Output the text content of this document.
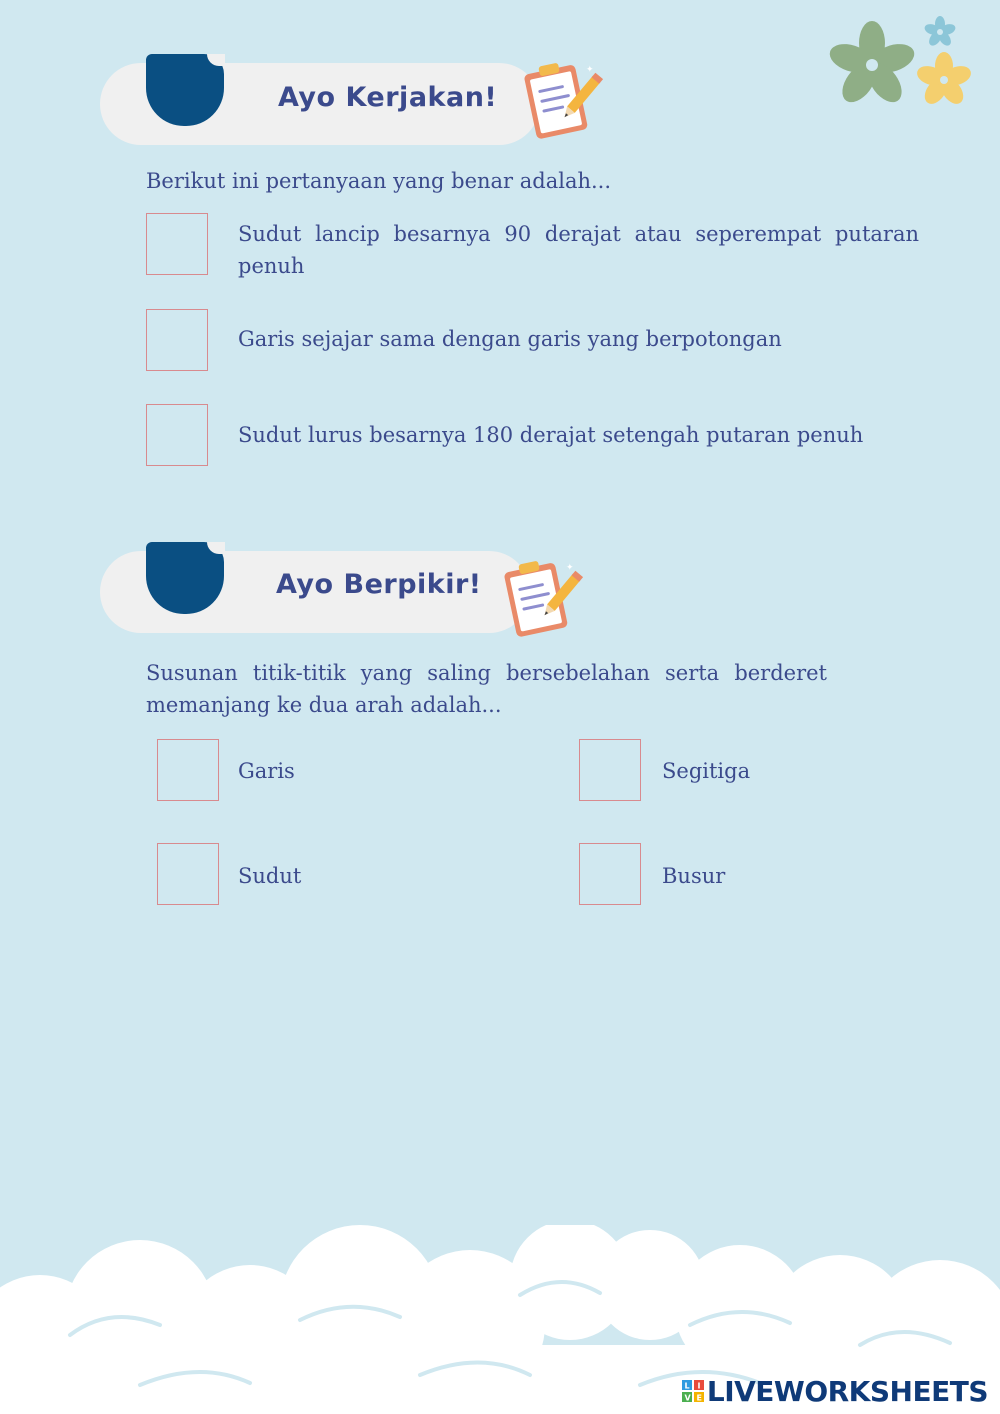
Ayo Kerjakan!
✦
Berikut ini pertanyaan yang benar adalah...
Sudut lancip besarnya 90 derajat atau seperempat putaran
penuh
Garis sejajar sama dengan garis yang berpotongan
Sudut lurus besarnya 180 derajat setengah putaran penuh
Ayo Berpikir!
✦
Susunan titik-titik yang saling bersebelahan serta berderet
memanjang ke dua arah adalah...
Garis	Segitiga
Sudut	Busur
L I
V E LIVEWORKSHEETS
